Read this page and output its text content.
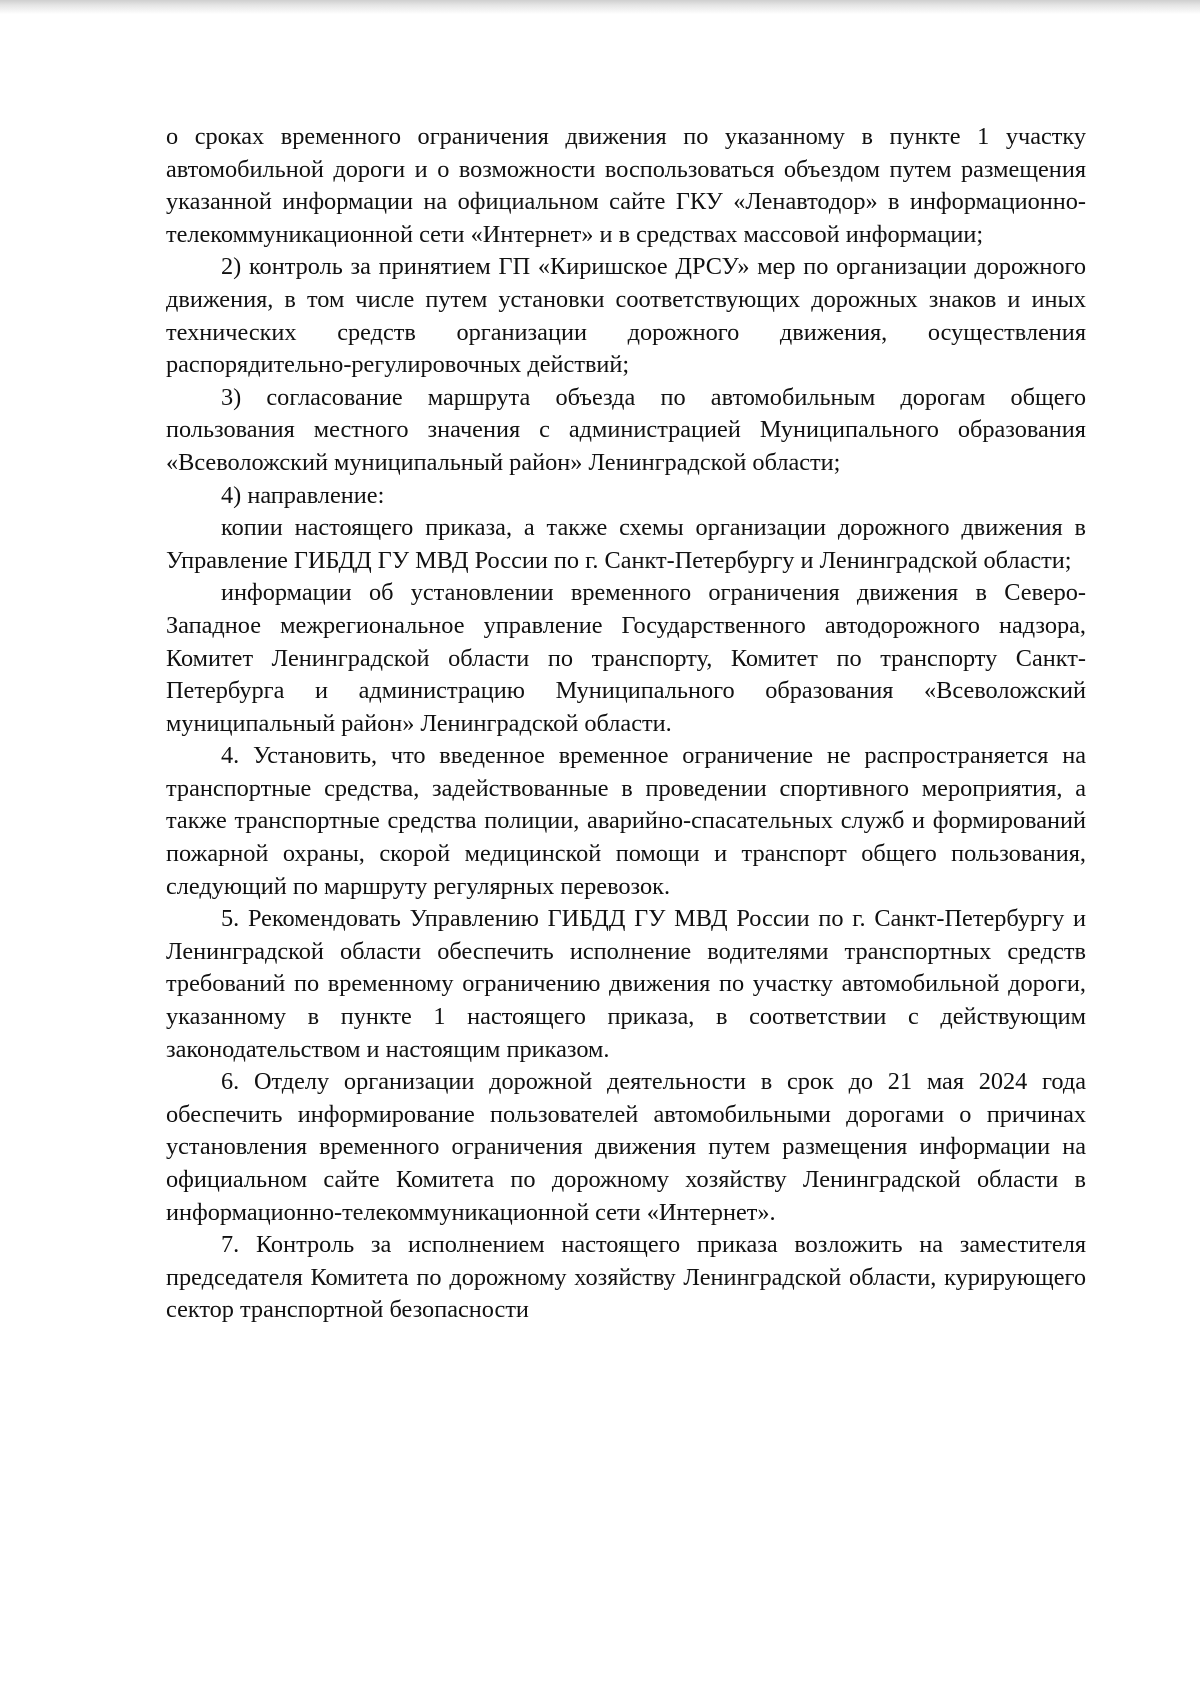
о сроках временного ограничения движения по указанному в пункте 1 участку автомобильной дороги и о возможности воспользоваться объездом путем размещения указанной информации на официальном сайте ГКУ «Ленавтодор» в информационно-телекоммуникационной сети «Интернет» и в средствах массовой информации;

2) контроль за принятием ГП «Киришское ДРСУ» мер по организации дорожного движения, в том числе путем установки соответствующих дорожных знаков и иных технических средств организации дорожного движения, осуществления распорядительно-регулировочных действий;

3) согласование маршрута объезда по автомобильным дорогам общего пользования местного значения с администрацией Муниципального образования «Всеволожский муниципальный район» Ленинградской области;

4) направление:

копии настоящего приказа, а также схемы организации дорожного движения в Управление ГИБДД ГУ МВД России по г. Санкт-Петербургу и Ленинградской области;

информации об установлении временного ограничения движения в Северо-Западное межрегиональное управление Государственного автодорожного надзора, Комитет Ленинградской области по транспорту, Комитет по транспорту Санкт-Петербурга и администрацию Муниципального образования «Всеволожский муниципальный район» Ленинградской области.

4. Установить, что введенное временное ограничение не распространяется на транспортные средства, задействованные в проведении спортивного мероприятия, а также транспортные средства полиции, аварийно-спасательных служб и формирований пожарной охраны, скорой медицинской помощи и транспорт общего пользования, следующий по маршруту регулярных перевозок.

5. Рекомендовать Управлению ГИБДД ГУ МВД России по г. Санкт-Петербургу и Ленинградской области обеспечить исполнение водителями транспортных средств требований по временному ограничению движения по участку автомобильной дороги, указанному в пункте 1 настоящего приказа, в соответствии с действующим законодательством и настоящим приказом.

6. Отделу организации дорожной деятельности в срок до 21 мая 2024 года обеспечить информирование пользователей автомобильными дорогами о причинах установления временного ограничения движения путем размещения информации на официальном сайте Комитета по дорожному хозяйству Ленинградской области в информационно-телекоммуникационной сети «Интернет».

7. Контроль за исполнением настоящего приказа возложить на заместителя председателя Комитета по дорожному хозяйству Ленинградской области, курирующего сектор транспортной безопасности
